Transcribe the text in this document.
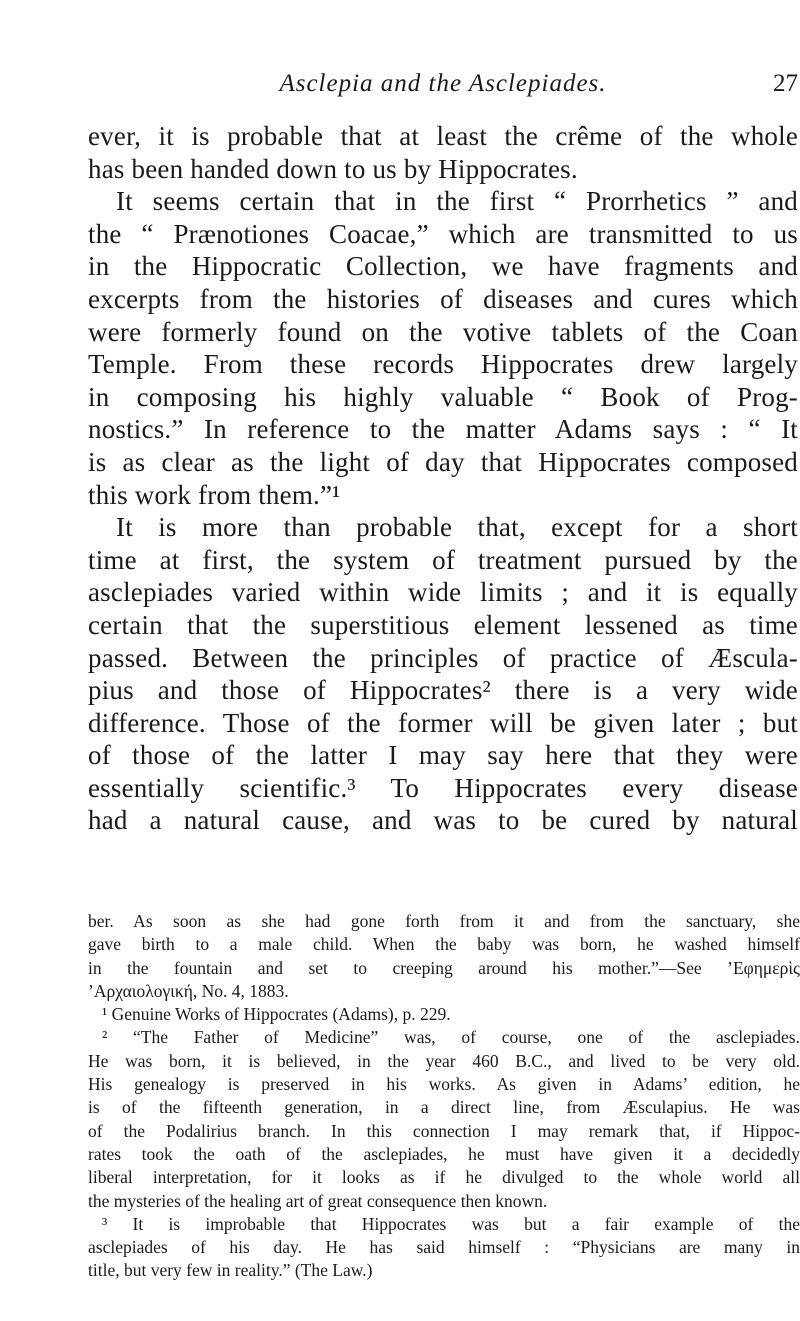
Asclepia and the Asclepiades.	27
ever, it is probable that at least the crême of the whole
has been handed down to us by Hippocrates.
It seems certain that in the first “ Prorrhetics ” and
the “ Prænotiones Coacae,” which are transmitted to us
in the Hippocratic Collection, we have fragments and
excerpts from the histories of diseases and cures which
were formerly found on the votive tablets of the Coan
Temple. From these records Hippocrates drew largely
in composing his highly valuable “ Book of Prog-
nostics.” In reference to the matter Adams says : “ It
is as clear as the light of day that Hippocrates composed
this work from them.”¹
It is more than probable that, except for a short
time at first, the system of treatment pursued by the
asclepiades varied within wide limits ; and it is equally
certain that the superstitious element lessened as time
passed. Between the principles of practice of Æscula-
pius and those of Hippocrates² there is a very wide
difference. Those of the former will be given later ; but
of those of the latter I may say here that they were
essentially scientific.³ To Hippocrates every disease
had a natural cause, and was to be cured by natural
ber. As soon as she had gone forth from it and from the sanctuary, she
gave birth to a male child. When the baby was born, he washed himself
in the fountain and set to creeping around his mother.”—See ’Εφημερὶς
’Αρχαιολογική, No. 4, 1883.
¹ Genuine Works of Hippocrates (Adams), p. 229.
² “The Father of Medicine” was, of course, one of the asclepiades.
He was born, it is believed, in the year 460 B.C., and lived to be very old.
His genealogy is preserved in his works. As given in Adams’ edition, he
is of the fifteenth generation, in a direct line, from Æsculapius. He was
of the Podalirius branch. In this connection I may remark that, if Hippoc-
rates took the oath of the asclepiades, he must have given it a decidedly
liberal interpretation, for it looks as if he divulged to the whole world all
the mysteries of the healing art of great consequence then known.
³ It is improbable that Hippocrates was but a fair example of the
asclepiades of his day. He has said himself : “Physicians are many in
title, but very few in reality.” (The Law.)
